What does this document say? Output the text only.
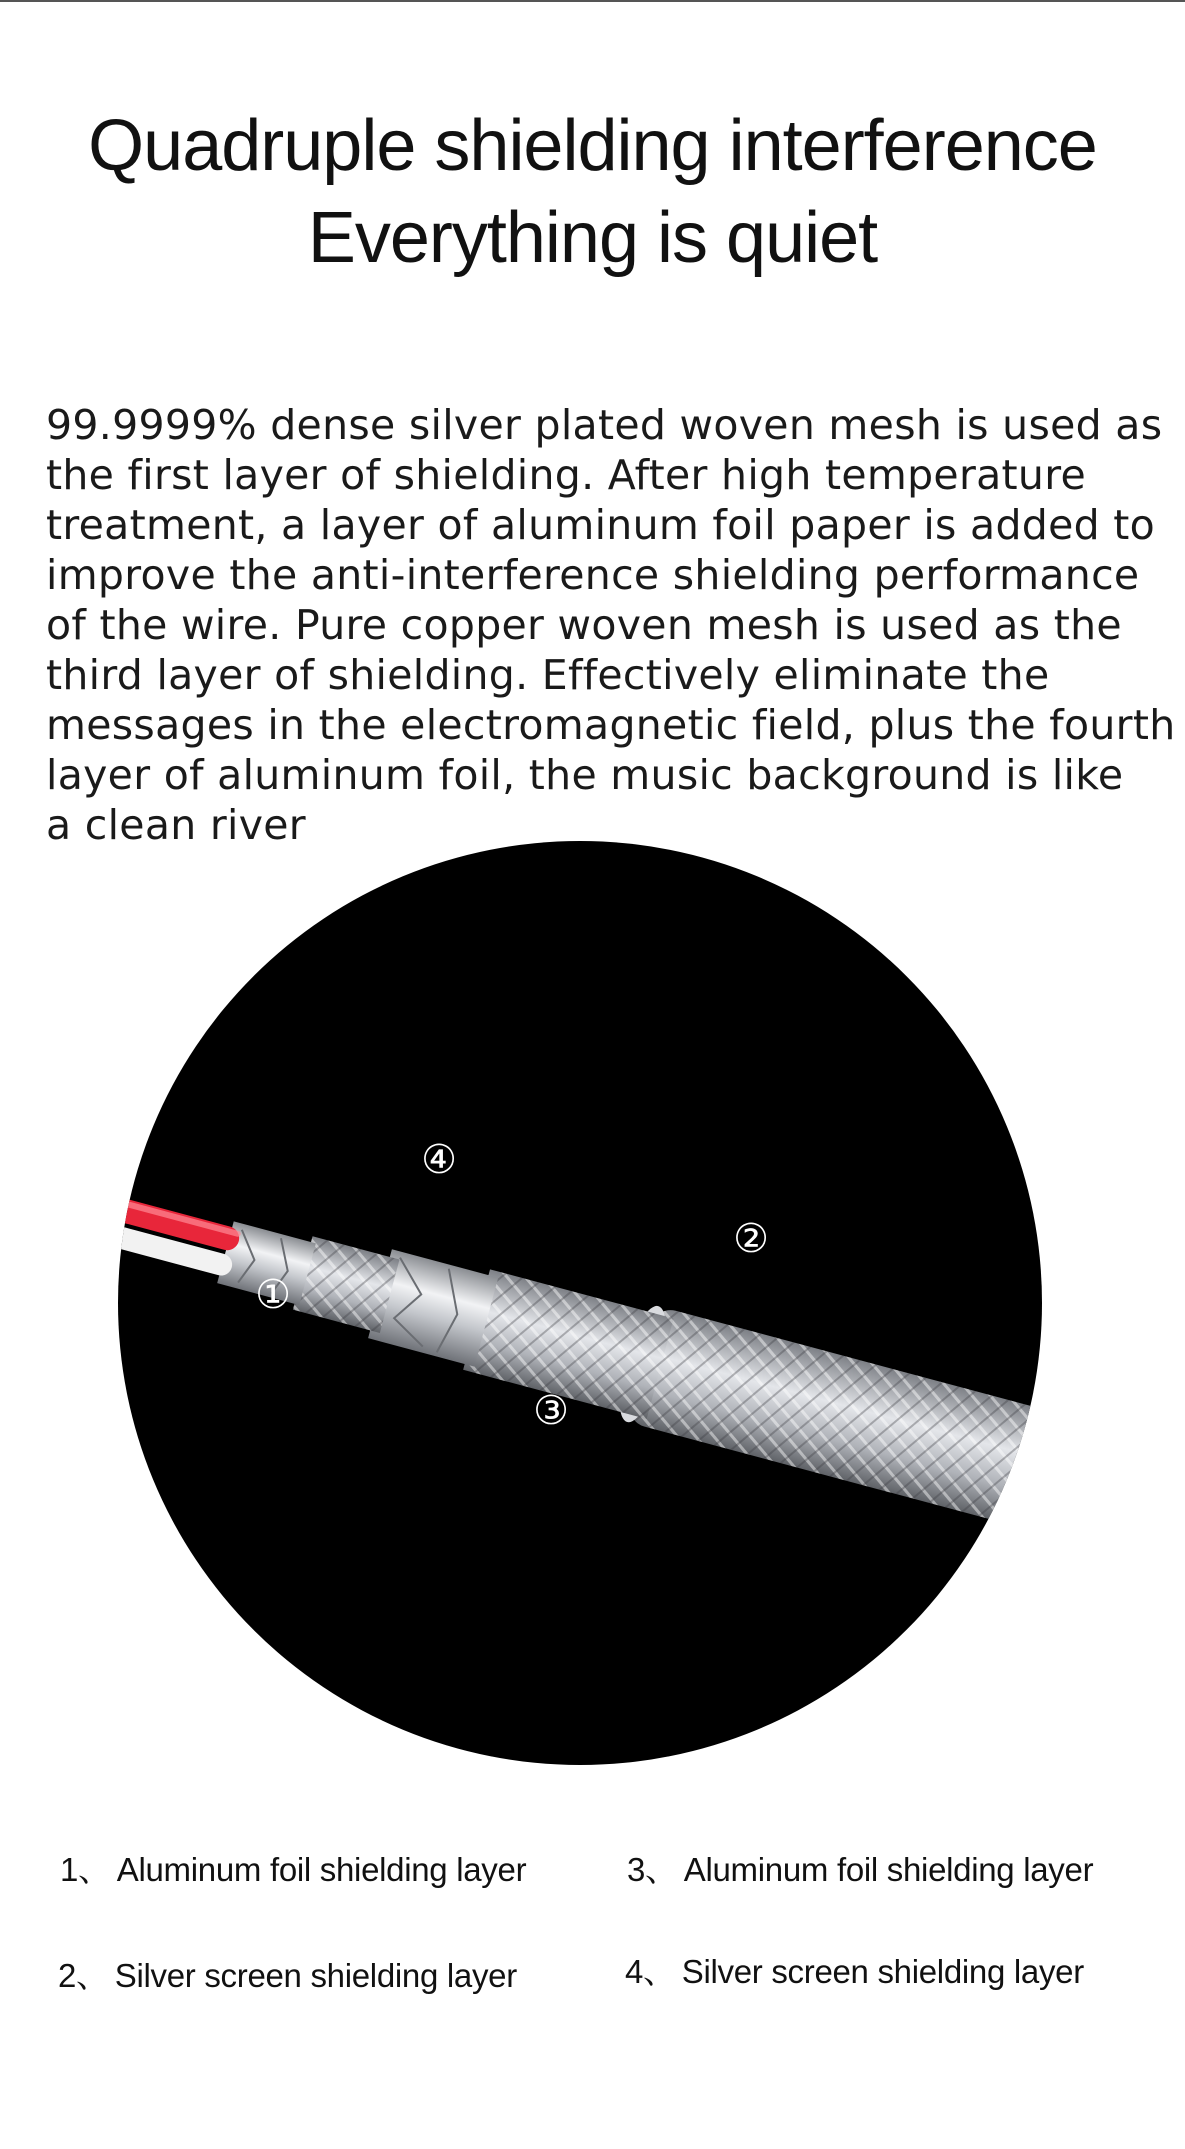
Quadruple shielding interference
Everything is quiet

99.9999% dense silver plated woven mesh is used as
the first layer of shielding. After high temperature
treatment, a layer of aluminum foil paper is added to
improve the anti-interference shielding performance
of the wire. Pure copper woven mesh is used as the
third layer of shielding. Effectively eliminate the
messages in the electromagnetic field, plus the fourth
layer of aluminum foil, the music background is like
a clean river

①
②
③
④
1、 Aluminum foil shielding layer	3、 Aluminum foil shielding layer
2、 Silver screen shielding layer	4、 Silver screen shielding layer
